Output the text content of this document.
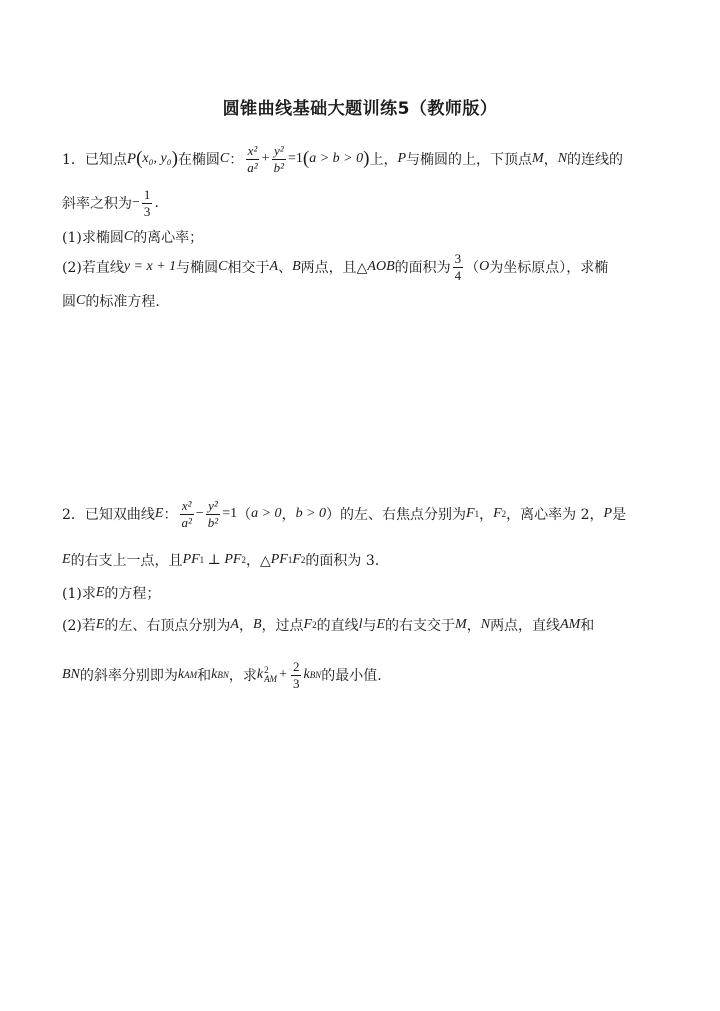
圆锥曲线基础大题训练5（教师版）
1．已知点 P ( x₀, y₀ ) 在椭圆 C ： $\frac{\text{x²}}{\text{a²}} + \frac{\text{y²}}{\text{b²}} =1$ ( a > b > 0 ) 上， P 与椭圆的上，下顶点 M ， N 的连线的
斜率之积为 − $\frac{1}{3}$ .
(1)求椭圆 C 的离心率；
(2)若直线 y = x + 1 与椭圆 C 相交于 A 、 B 两点，且△ AOB 的面积为 $\frac{3}{4}$ （ O 为坐标原点），求椭
圆 C 的标准方程.
2．已知双曲线 E ： $\frac{\text{x²}}{\text{a²}} - \frac{\text{y²}}{\text{b²}} =1$ （ a > 0 ， b > 0 ） 的左、右焦点分别为 F 1 ， F 2 ，离心率为 2， P 是
E 的右支上一点，且 PF 1 ⊥ PF 2 ，△ PF 1 F 2 的面积为 3.
(1)求 E 的方程；
(2)若 E 的左、右顶点分别为 A ， B ，过点 F 2 的直线 l 与 E 的右支交于 M ， N 两点，直线 AM 和
BN 的斜率分别即为 k AM 和 k BN ，求 k 2
AM + $\frac{2}{3}$ k BN 的最小值.
